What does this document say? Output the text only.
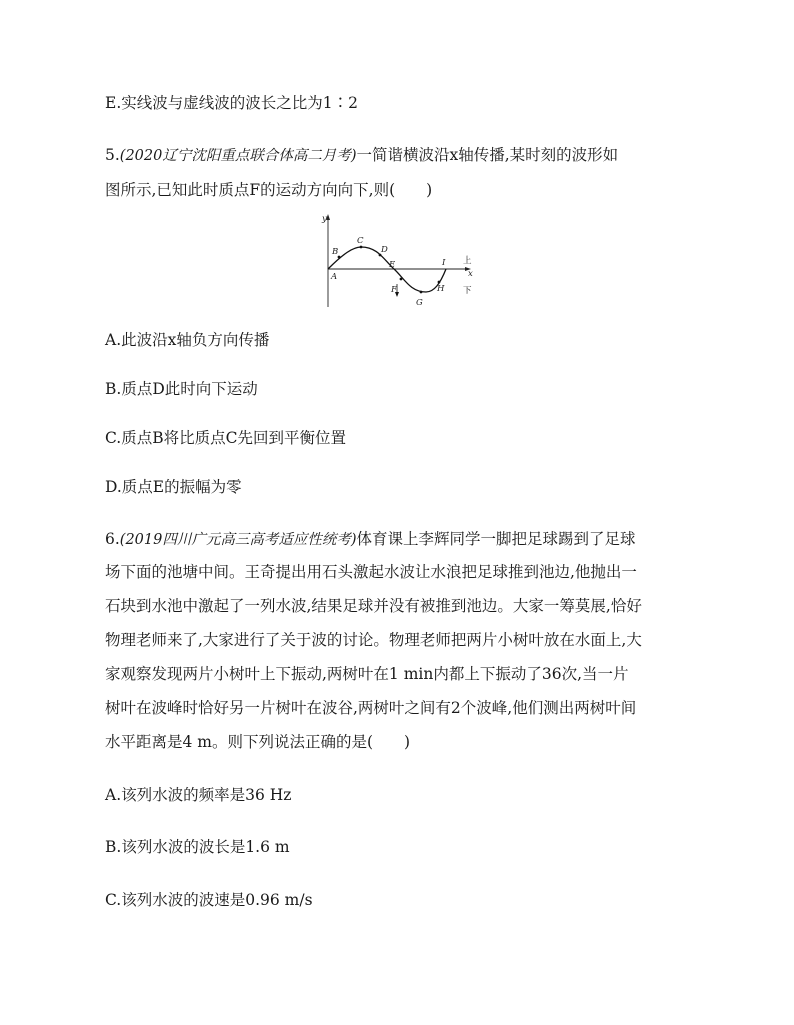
E.实线波与虚线波的波长之比为1∶2
5.(2020辽宁沈阳重点联合体高二月考)一简谐横波沿x轴传播,某时刻的波形如
图所示,已知此时质点F的运动方向向下,则(　　)
y
x
上
下
A
B
C
D
E
F
G
H
I
A.此波沿x轴负方向传播
B.质点D此时向下运动
C.质点B将比质点C先回到平衡位置
D.质点E的振幅为零
6.(2019四川广元高三高考适应性统考)体育课上李辉同学一脚把足球踢到了足球
场下面的池塘中间。王奇提出用石头激起水波让水浪把足球推到池边,他抛出一
石块到水池中激起了一列水波,结果足球并没有被推到池边。大家一筹莫展,恰好
物理老师来了,大家进行了关于波的讨论。物理老师把两片小树叶放在水面上,大
家观察发现两片小树叶上下振动,两树叶在1 min内都上下振动了36次,当一片
树叶在波峰时恰好另一片树叶在波谷,两树叶之间有2个波峰,他们测出两树叶间
水平距离是4 m。则下列说法正确的是(　　)
A.该列水波的频率是36 Hz
B.该列水波的波长是1.6 m
C.该列水波的波速是0.96 m/s
